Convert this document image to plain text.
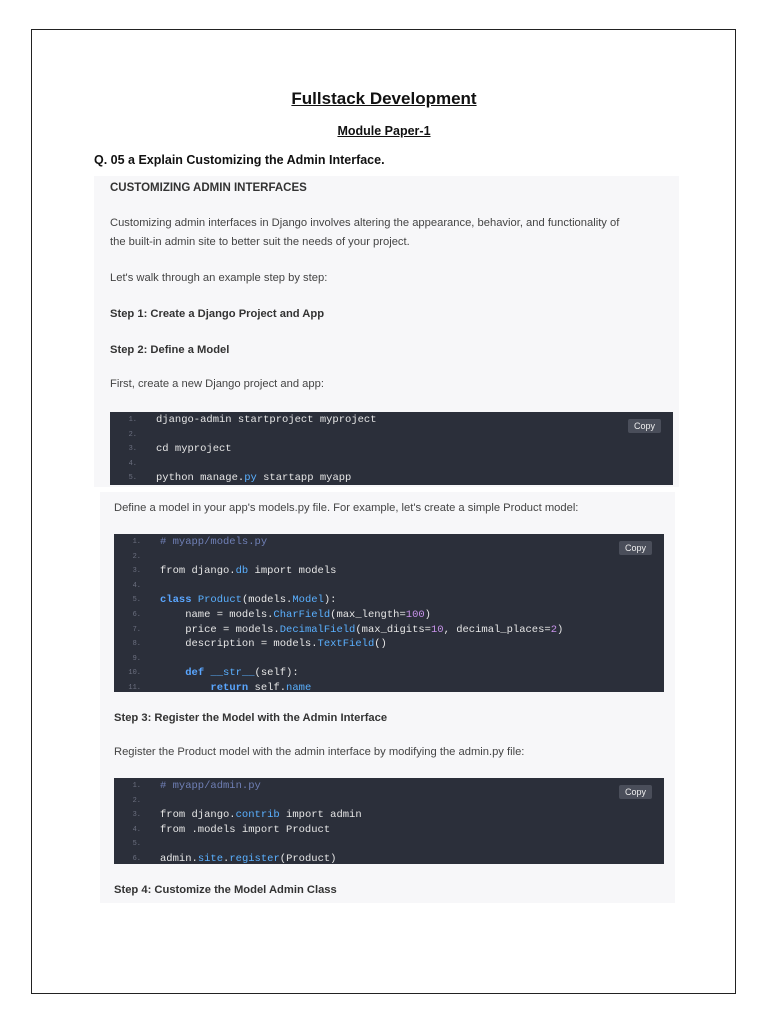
Fullstack Development
Module Paper-1
Q. 05 a Explain Customizing the Admin Interface.
CUSTOMIZING ADMIN INTERFACES
Customizing admin interfaces in Django involves altering the appearance, behavior, and functionality of
the built-in admin site to better suit the needs of your project.
Let's walk through an example step by step:
Step 1: Create a Django Project and App
Step 2: Define a Model
First, create a new Django project and app:
Copy
1. django-admin startproject myproject
2.
3. cd myproject
4.
5. python manage.py startapp myapp
Define a model in your app's models.py file. For example, let's create a simple Product model:
Copy
1. # myapp/models.py
2.
3. from django.db import models
4.
5. class Product(models.Model):
6. name = models.CharField(max_length=100)
7. price = models.DecimalField(max_digits=10, decimal_places=2)
8. description = models.TextField()
9.
10.	def __str__(self):
11.	return self.name
Step 3: Register the Model with the Admin Interface
Register the Product model with the admin interface by modifying the admin.py file:
Copy
1. # myapp/admin.py
2.
3. from django.contrib import admin
4. from .models import Product
5.
6. admin.site.register(Product)
Step 4: Customize the Model Admin Class
